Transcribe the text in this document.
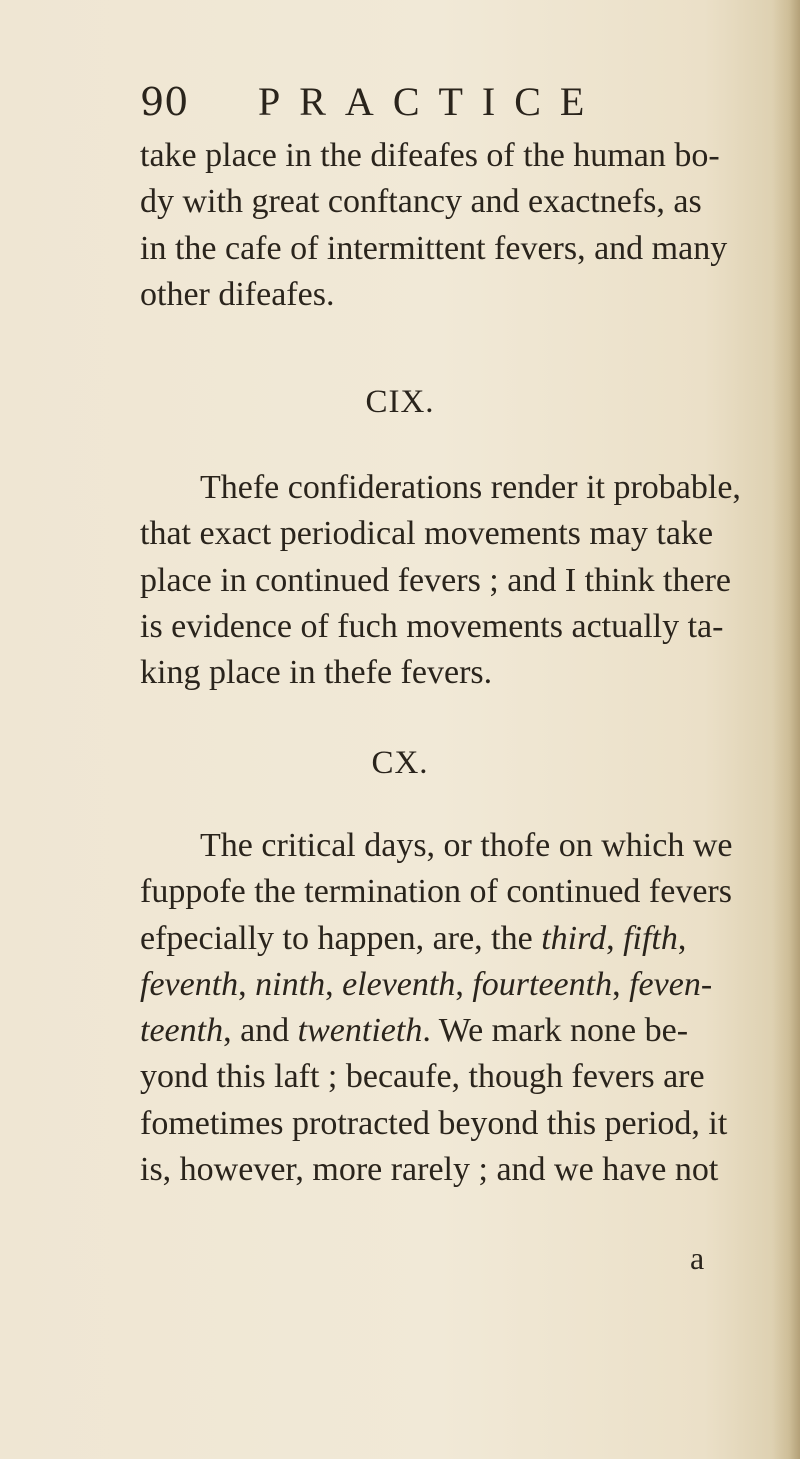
90 PRACTICE

take place in the difeafes of the human bo-
dy with great conftancy and exactnefs, as
in the cafe of intermittent fevers, and many
other difeafes.

CIX.

Thefe confiderations render it probable,
that exact periodical movements may take
place in continued fevers ; and I think there
is evidence of fuch movements actually ta-
king place in thefe fevers.

CX.

The critical days, or thofe on which we
fuppofe the termination of continued fevers
efpecially to happen, are, the third, fifth,
feventh, ninth, eleventh, fourteenth, feven-
teenth, and twentieth. We mark none be-
yond this laft ; becaufe, though fevers are
fometimes protracted beyond this period, it
is, however, more rarely ; and we have not

a
